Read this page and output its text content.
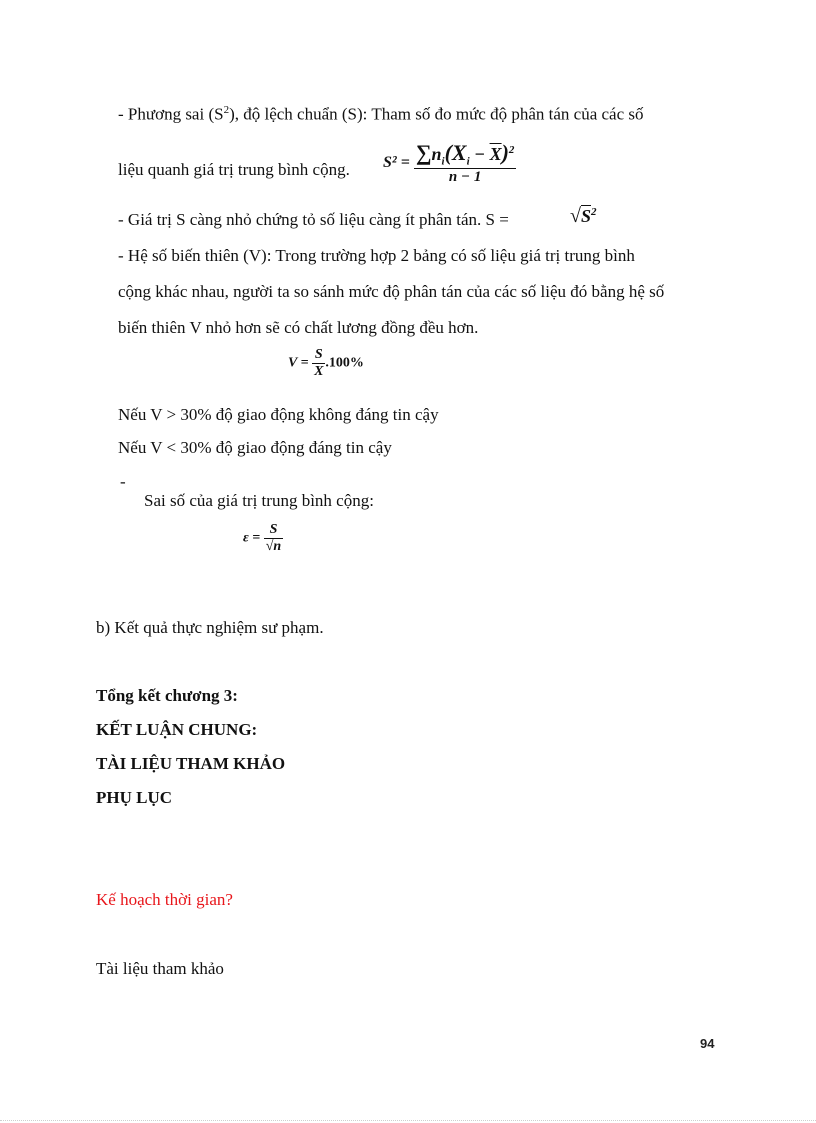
- Phương sai $(S^2)$, độ lệch chuẩn (S): Tham số đo mức độ phân tán của các số
liệu quanh giá trị trung bình cộng. $S^2 = \frac{\sum n_i(X_i - \overline{X})^2}{n - 1}$
- Giá trị S càng nhỏ chứng tỏ số liệu càng ít phân tán. S =	$√S^2$
- Hệ số biến thiên (V): Trong trường hợp 2 bảng có số liệu giá trị trung bình
cộng khác nhau, người ta so sánh mức độ phân tán của các số liệu đó bằng hệ số
biến thiên V nhỏ hơn sẽ có chất lương đồng đều hơn.
$V = \frac{S}{X} .100\%$
Nếu V > 30% độ giao động không đáng tin cậy
Nếu V < 30% độ giao động đáng tin cậy
-
Sai số của giá trị trung bình cộng:
$\varepsilon = \frac{S}{√n}$
b) Kết quả thực nghiệm sư phạm.
Tổng kết chương 3:
KẾT LUẬN CHUNG:
TÀI LIỆU THAM KHẢO
PHỤ LỤC
Kế hoạch thời gian?
Tài liệu tham khảo
94
